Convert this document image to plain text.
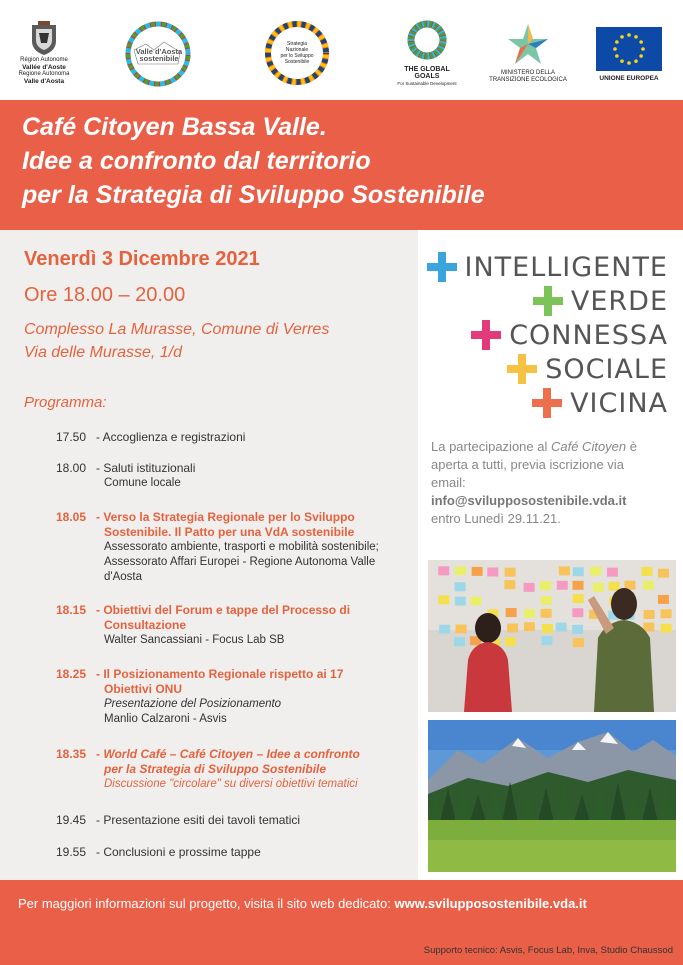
Région Autonome
Vallée d'Aoste
Regione Autonoma
Valle d'Aosta
Valle d'Aosta
sostenibile
Strategia
Nazionale
per lo Sviluppo
Sostenibile
THE GLOBAL GOALS
For Sustainable Development
MINISTERO DELLA
TRANSIZIONE ECOLOGICA	UNIONE EUROPEA
Café Citoyen Bassa Valle.
Idee a confronto dal territorio
per la Strategia di Sviluppo Sostenibile
Venerdì 3 Dicembre 2021
Ore 18.00 – 20.00
Complesso La Murasse, Comune di Verres
Via delle Murasse, 1/d
Programma:
17.50 - Accoglienza e registrazioni
18.00 - Saluti istituzionali
Comune locale
18.05 - Verso la Strategia Regionale per lo Sviluppo
Sostenibile. Il Patto per una VdA sostenibile
Assessorato ambiente, trasporti e mobilità sostenibile;
Assessorato Affari Europei - Regione Autonoma Valle
d'Aosta
18.15 - Obiettivi del Forum e tappe del Processo di
Consultazione
Walter Sancassiani - Focus Lab SB
18.25 - Il Posizionamento Regionale rispetto ai 17
Obiettivi ONU
Presentazione del Posizionamento
Manlio Calzaroni - Asvis
18.35 - World Café – Café Citoyen – Idee a confronto
per la Strategia di Sviluppo Sostenibile
Discussione "circolare" su diversi obiettivi tematici
19.45 - Presentazione esiti dei tavoli tematici
19.55 - Conclusioni e prossime tappe
INTELLIGENTE
VERDE
CONNESSA
SOCIALE
VICINA
La partecipazione al Café Citoyen è
aperta a tutti, previa iscrizione via
email:
info@svilupposostenibile.vda.it
entro Lunedì 29.11.21.
Per maggiori informazioni sul progetto, visita il sito web dedicato: www.svilupposostenibile.vda.it
Supporto tecnico: Asvis, Focus Lab, Inva, Studio Chaussod
